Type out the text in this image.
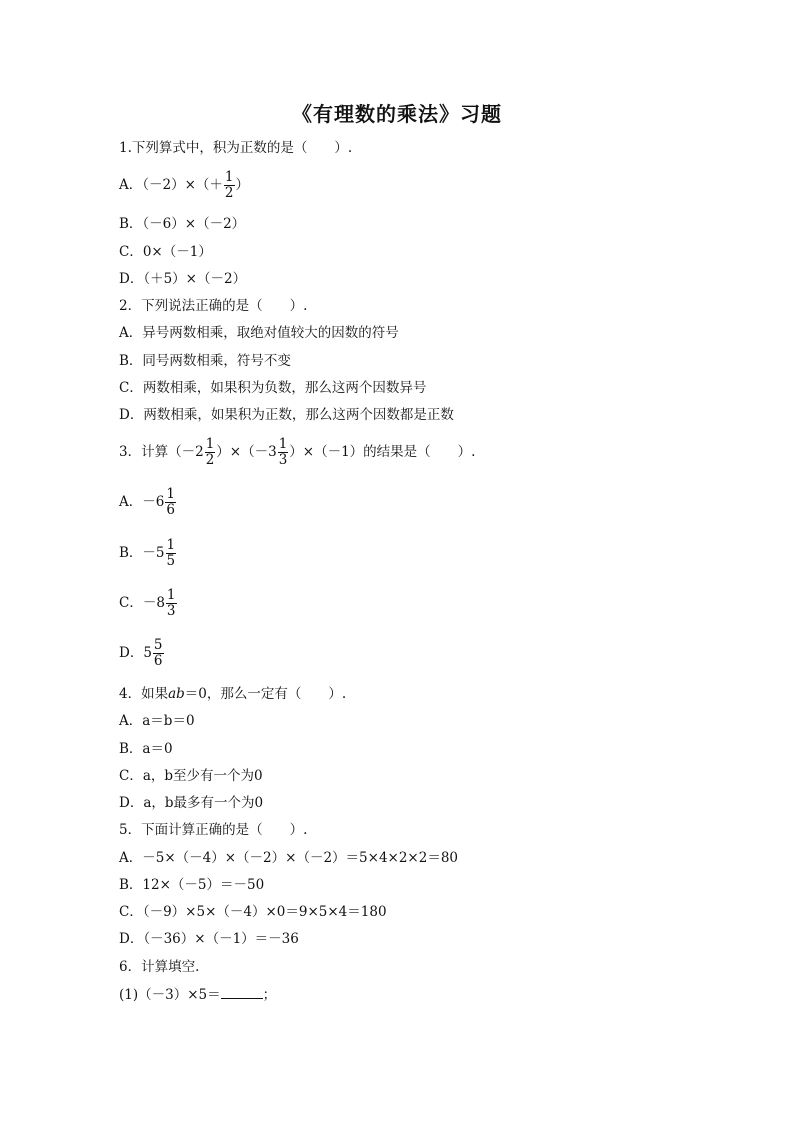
《有理数的乘法》习题
1.下列算式中，积为正数的是（　　）.
A．$(-2)\times(+ \frac{1}{2}$ ）
B．（－6）×（－2）
C．0×（－1）
D．（＋5）×（－2）
2．下列说法正确的是（　　）.
A．异号两数相乘，取绝对值较大的因数的符号
B．同号两数相乘，符号不变
C．两数相乘，如果积为负数，那么这两个因数异号
D．两数相乘，如果积为正数，那么这两个因数都是正数
3．计算$(-2 \frac{1}{2} )\times(-3 \frac{1}{3} )\times(-1)$的结果是（　　）.
A．$-6 \frac{1}{6}$
B．$-5 \frac{1}{5}$
C．$-8 \frac{1}{3}$
D．$5 \frac{5}{6}$
4．如果ab＝0，那么一定有（　　）.
A．a＝b＝0
B．a＝0
C．a，b至少有一个为0
D．a，b最多有一个为0
5．下面计算正确的是（　　）.
A．－5×（－4）×（－2）×（－2）＝5×4×2×2＝80
B．12×（－5）＝－50
C．（－9）×5×（－4）×0＝9×5×4＝180
D．（－36）×（－1）＝－36
6．计算填空.
(1)（－3）×5＝	；
